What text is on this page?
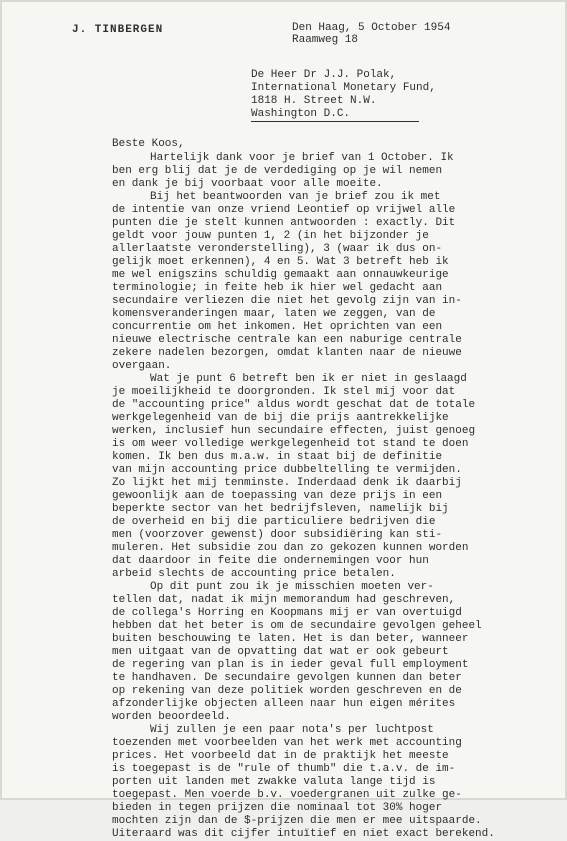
J. TINBERGEN	Den Haag, 5 October 1954
Raamweg 18
De Heer Dr J.J. Polak,
International Monetary Fund,
1818 H. Street N.W.
Washington D.C.
Beste Koos,
Hartelijk dank voor je brief van 1 October. Ik
ben erg blij dat je de verdediging op je wil nemen
en dank je bij voorbaat voor alle moeite.
Bij het beantwoorden van je brief zou ik met
de intentie van onze vriend Leontief op vrijwel alle
punten die je stelt kunnen antwoorden : exactly. Dit
geldt voor jouw punten 1, 2 (in het bijzonder je
allerlaatste veronderstelling), 3 (waar ik dus on-
gelijk moet erkennen), 4 en 5. Wat 3 betreft heb ik
me wel enigszins schuldig gemaakt aan onnauwkeurige
terminologie; in feite heb ik hier wel gedacht aan
secundaire verliezen die niet het gevolg zijn van in-
komensveranderingen maar, laten we zeggen, van de
concurrentie om het inkomen. Het oprichten van een
nieuwe electrische centrale kan een naburige centrale
zekere nadelen bezorgen, omdat klanten naar de nieuwe
overgaan.
Wat je punt 6 betreft ben ik er niet in geslaagd
je moeilijkheid te doorgronden. Ik stel mij voor dat
de "accounting price" aldus wordt geschat dat de totale
werkgelegenheid van de bij die prijs aantrekkelijke
werken, inclusief hun secundaire effecten, juist genoeg
is om weer volledige werkgelegenheid tot stand te doen
komen. Ik ben dus m.a.w. in staat bij de definitie
van mijn accounting price dubbeltelling te vermijden.
Zo lijkt het mij tenminste. Inderdaad denk ik daarbij
gewoonlijk aan de toepassing van deze prijs in een
beperkte sector van het bedrijfsleven, namelijk bij
de overheid en bij die particuliere bedrijven die
men (voorzover gewenst) door subsidiëring kan sti-
muleren. Het subsidie zou dan zo gekozen kunnen worden
dat daardoor in feite die ondernemingen voor hun
arbeid slechts de accounting price betalen.
Op dit punt zou ik je misschien moeten ver-
tellen dat, nadat ik mijn memorandum had geschreven,
de collega's Horring en Koopmans mij er van overtuigd
hebben dat het beter is om de secundaire gevolgen geheel
buiten beschouwing te laten. Het is dan beter, wanneer
men uitgaat van de opvatting dat wat er ook gebeurt
de regering van plan is in ieder geval full employment
te handhaven. De secundaire gevolgen kunnen dan beter
op rekening van deze politiek worden geschreven en de
afzonderlijke objecten alleen naar hun eigen mérites
worden beoordeeld.
Wij zullen je een paar nota's per luchtpost
toezenden met voorbeelden van het werk met accounting
prices. Het voorbeeld dat in de praktijk het meeste
is toegepast is de "rule of thumb" die t.a.v. de im-
porten uit landen met zwakke valuta lange tijd is
toegepast. Men voerde b.v. voedergranen uit zulke ge-
bieden in tegen prijzen die nominaal tot 30% hoger
mochten zijn dan de $-prijzen die men er mee uitspaarde.
Uiteraard was dit cijfer intuïtief en niet exact berekend.
